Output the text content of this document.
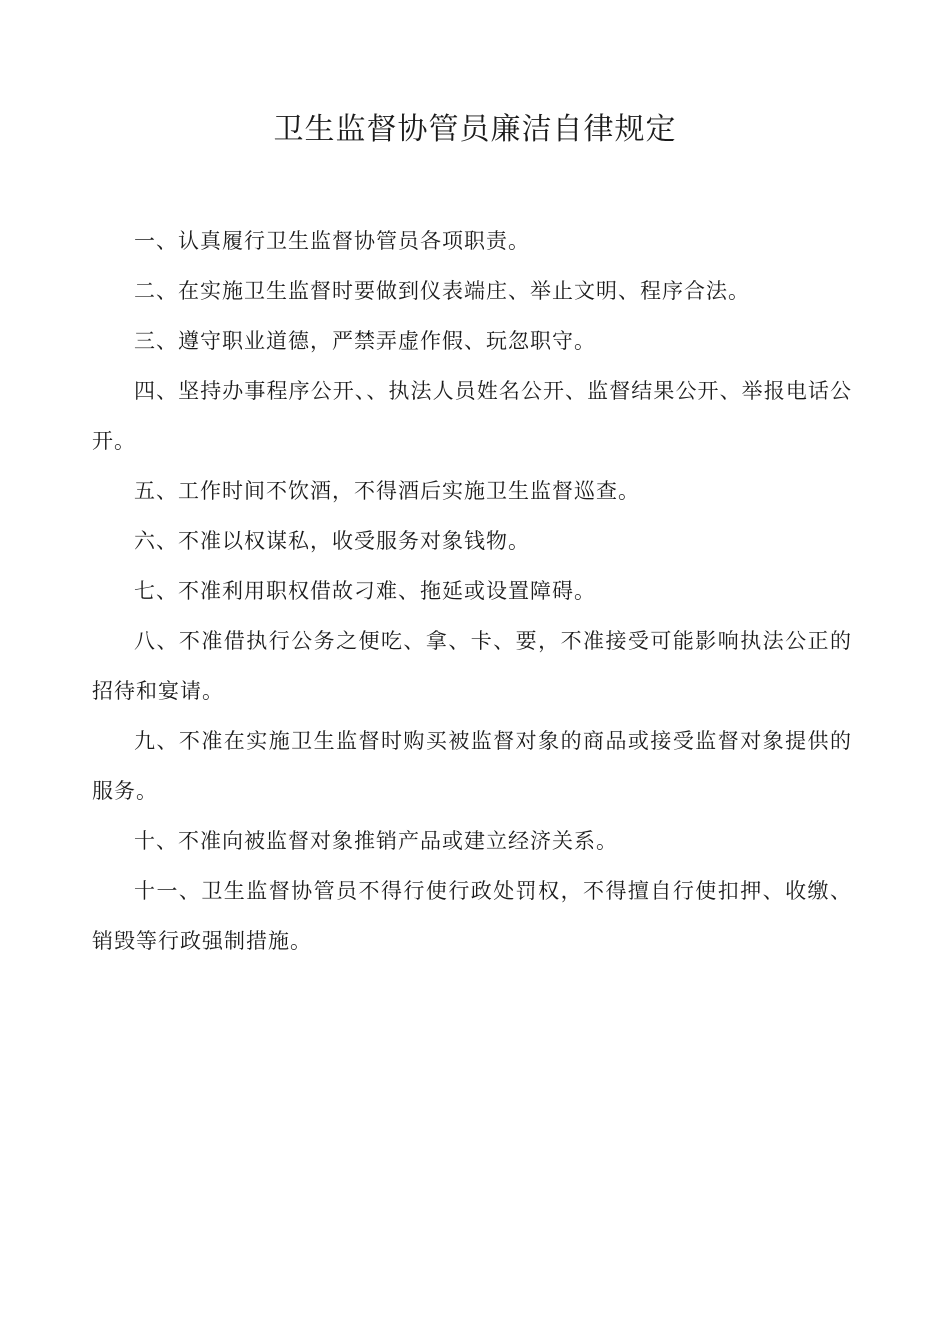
卫生监督协管员廉洁自律规定

一、认真履行卫生监督协管员各项职责。

二、在实施卫生监督时要做到仪表端庄、举止文明、程序合法。

三、遵守职业道德，严禁弄虚作假、玩忽职守。

四、坚持办事程序公开、、执法人员姓名公开、监督结果公开、举报电话公开。

五、工作时间不饮酒，不得酒后实施卫生监督巡查。

六、不准以权谋私，收受服务对象钱物。

七、不准利用职权借故刁难、拖延或设置障碍。

八、不准借执行公务之便吃、拿、卡、要，不准接受可能影响执法公正的招待和宴请。

九、不准在实施卫生监督时购买被监督对象的商品或接受监督对象提供的服务。

十、不准向被监督对象推销产品或建立经济关系。

十一、卫生监督协管员不得行使行政处罚权，不得擅自行使扣押、收缴、销毁等行政强制措施。
